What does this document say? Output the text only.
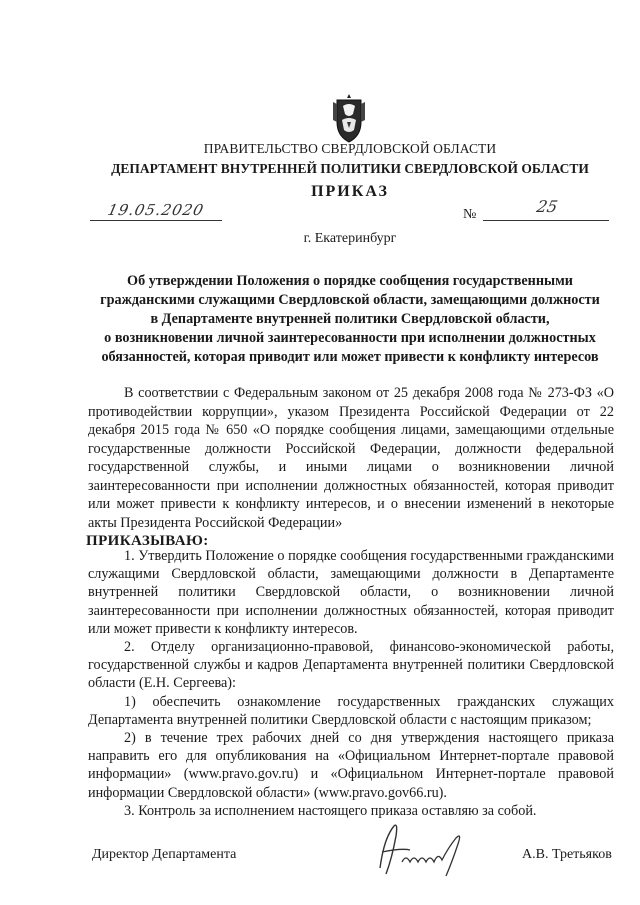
ПРАВИТЕЛЬСТВО СВЕРДЛОВСКОЙ ОБЛАСТИ
ДЕПАРТАМЕНТ ВНУТРЕННЕЙ ПОЛИТИКИ СВЕРДЛОВСКОЙ ОБЛАСТИ
ПРИКАЗ
19.05.2020	№	25
г. Екатеринбург
Об утверждении Положения о порядке сообщения государственными
гражданскими служащими Свердловской области, замещающими должности
в Департаменте внутренней политики Свердловской области,
о возникновении личной заинтересованности при исполнении должностных
обязанностей, которая приводит или может привести к конфликту интересов

В соответствии с Федеральным законом от 25 декабря 2008 года № 273-ФЗ «О противодействии коррупции», указом Президента Российской Федерации от 22 декабря 2015 года № 650 «О порядке сообщения лицами, замещающими отдельные государственные должности Российской Федерации, должности федеральной государственной службы, и иными лицами о возникновении личной заинтересованности при исполнении должностных обязанностей, которая приводит или может привести к конфликту интересов, и о внесении изменений в некоторые акты Президента Российской Федерации»

ПРИКАЗЫВАЮ:

1. Утвердить Положение о порядке сообщения государственными гражданскими служащими Свердловской области, замещающими должности в Департаменте внутренней политики Свердловской области, о возникновении личной заинтересованности при исполнении должностных обязанностей, которая приводит или может привести к конфликту интересов.

2. Отделу организационно-правовой, финансово-экономической работы, государственной службы и кадров Департамента внутренней политики Свердловской области (Е.Н. Сергеева):

1) обеспечить ознакомление государственных гражданских служащих Департамента внутренней политики Свердловской области с настоящим приказом;

2) в течение трех рабочих дней со дня утверждения настоящего приказа направить его для опубликования на «Официальном Интернет-портале правовой информации» (www.pravo.gov.ru) и «Официальном Интернет-портале правовой информации Свердловской области» (www.pravo.gov66.ru).

3. Контроль за исполнением настоящего приказа оставляю за собой.

Директор Департамента	А.В. Третьяков
